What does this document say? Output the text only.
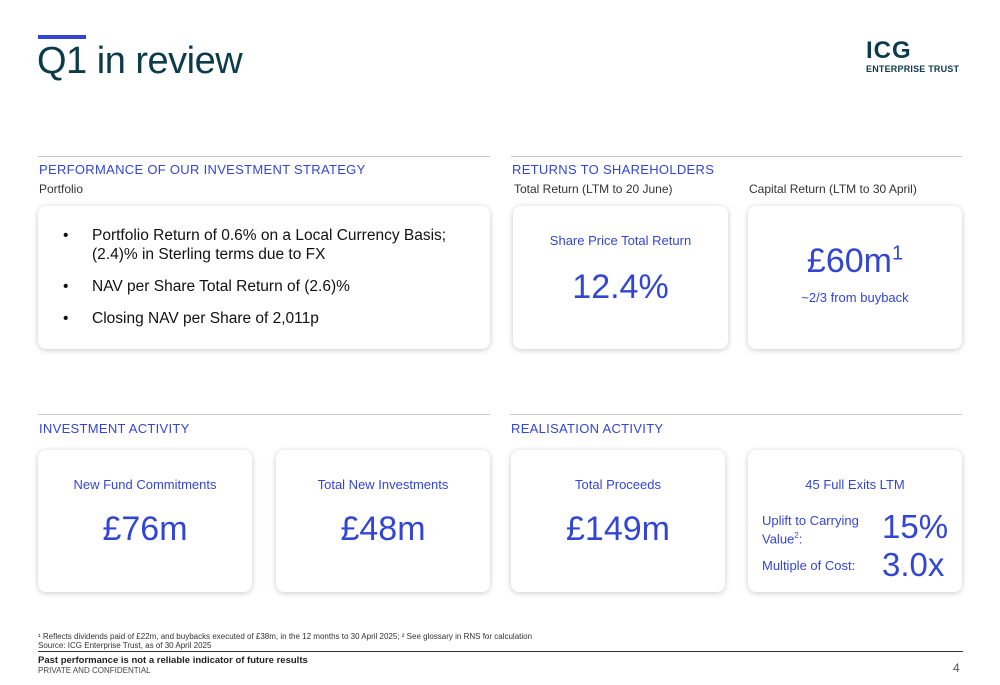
Q1 in review	ICG
ENTERPRISE TRUST
PERFORMANCE OF OUR INVESTMENT STRATEGY
Portfolio
• Portfolio Return of 0.6% on a Local Currency Basis; (2.4)% in Sterling terms due to FX
• NAV per Share Total Return of (2.6)%
• Closing NAV per Share of 2,011p
RETURNS TO SHAREHOLDERS
Total Return (LTM to 20 June)	Capital Return (LTM to 30 April)
Share Price Total Return
12.4%
$£60m^1$
~2/3 from buyback
INVESTMENT ACTIVITY
New Fund Commitments
£76m
Total New Investments
£48m
REALISATION ACTIVITY
Total Proceeds
£149m
45 Full Exits LTM
Uplift to Carrying
Value$^2$:	15%
Multiple of Cost: 3.0x
¹ Reflects dividends paid of £22m, and buybacks executed of £38m, in the 12 months to 30 April 2025; ² See glossary in RNS for calculation
Source: ICG Enterprise Trust, as of 30 April 2025
Past performance is not a reliable indicator of future results
PRIVATE AND CONFIDENTIAL	4
